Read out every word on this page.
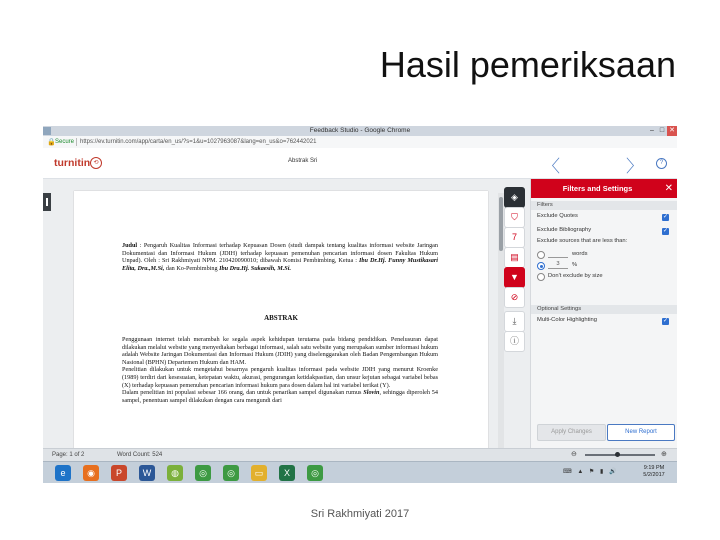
Hasil pemeriksaan
Feedback Studio - Google Chrome	– □ ✕
🔒 Secure https://ev.turnitin.com/app/carta/en_us/?s=1&u=1027963087&lang=en_us&o=762442021
turnitin ⟲	Abstrak Sri	〈	〉	?

Judul : Pengaruh Kualitas Informasi terhadap Kepuasan Dosen (studi dampak tentang kualitas informasi website Jaringan Dokumentasi dan Informasi Hukum (JDIH) terhadap kepuasan pemenuhan pencarian informasi dosen Fakultas Hukum Unpad). Oleh : Sri Rakhmiyati NPM. 210420090010; dibawah Komisi Pembimbing, Ketua : Ibu Dr.Hj. Funny Mustikasari Elita, Dra.,M.Si, dan Ko-Pembimbing Ibu Dra.Hj. Sukaesih, M.Si.

ABSTRAK

Penggunaan internet telah merambah ke segala aspek kehidupan terutama pada bidang pendidikan. Penelusuran dapat dilakukan melalui website yang menyediakan berbagai informasi, salah satu website yang merupakan sumber informasi hukum adalah Website Jaringan Dokumentasi dan Informasi Hukum (JDIH) yang diselenggarakan oleh Badan Pengembangan Hukum Nasional (BPHN) Departemen Hukum dan HAM.
Penelitian dilakukan untuk mengetahui besarnya pengaruh kualitas informasi pada website JDIH yang menurut Kroenke (1989) terdiri dari kesesuaian, ketepatan waktu, akurasi, pengurangan ketidakpastian, dan unsur kejutan sebagai variabel bebas (X) terhadap kepuasan pemenuhan pencarian informasi hukum para dosen dalam hal ini variabel terikat (Y).
Dalam penelitian ini populasi sebesar 166 orang, dan untuk penarikan sampel digunakan rumus Slovin, sehingga diperoleh 54 sampel, penentuan sampel dilakukan dengan cara mengundi dari

◈
⛉
7
▤
▼
⊘
⤓
ⓘ
Filters and Settings	✕
Filters
Exclude Quotes	✓
Exclude Bibliography	✓
Exclude sources that are less than:
words
3	%
Don't exclude by size
Optional Settings
Multi-Color Highlighting	✓
Apply Changes	New Report
Page: 1 of 2	Word Count: 524	⊖	⊕
e	◉	P	W	◍	◎	◎	▭	X	◎	⌨ ▲ ⚑ ▮ 🔊
9:19 PM
5/2/2017
Sri Rakhmiyati 2017
